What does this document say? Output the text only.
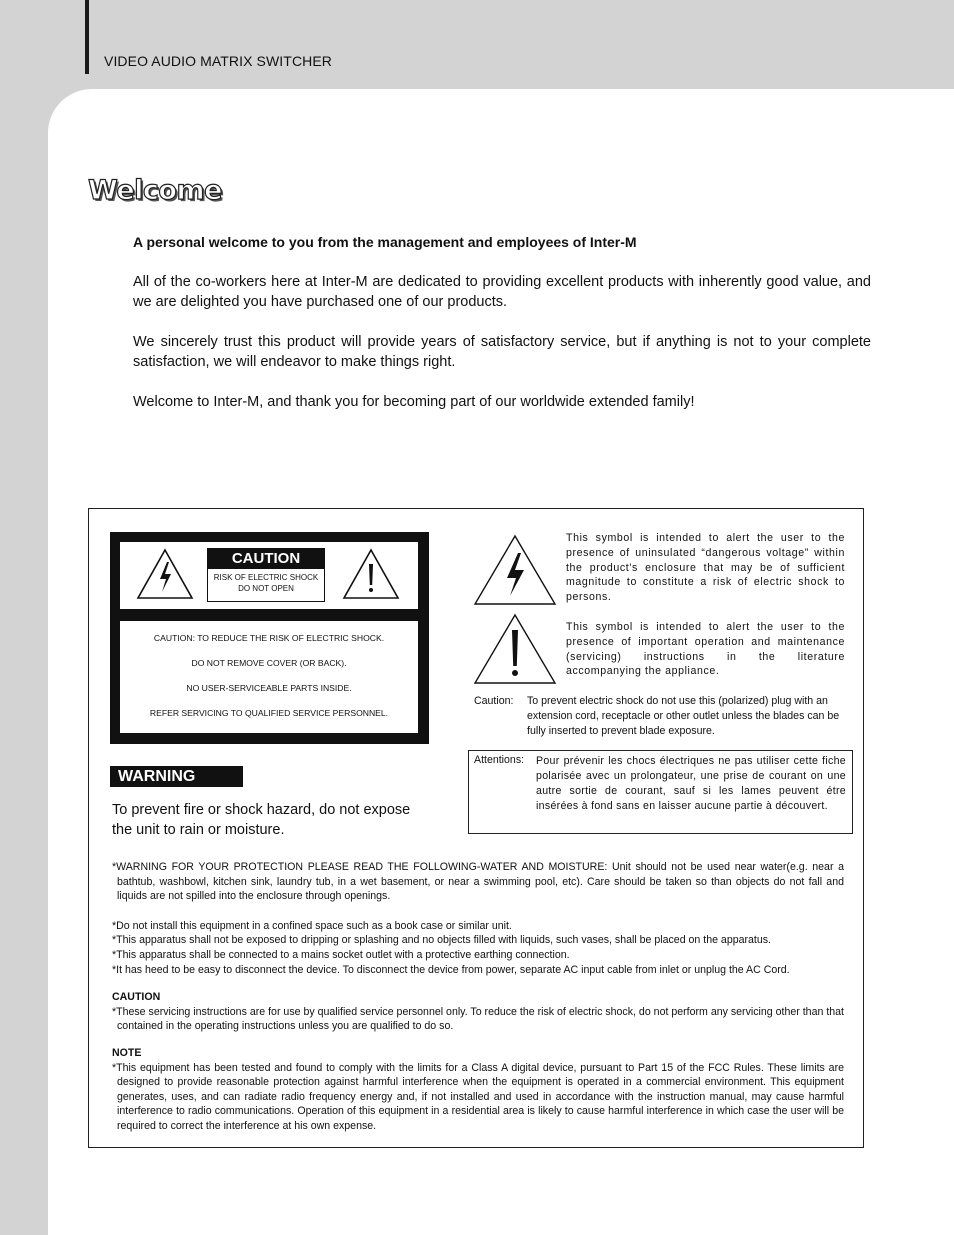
VIDEO AUDIO MATRIX SWITCHER
Welcome

A personal welcome to you from the management and employees of Inter-M

All of the co-workers here at Inter-M are dedicated to providing excellent products with inherently good value, and we are delighted you have purchased one of our products.

We sincerely trust this product will provide years of satisfactory service, but if anything is not to your complete satisfaction, we will endeavor to make things right.

Welcome to Inter-M, and thank you for becoming part of our worldwide extended family!

CAUTION
RISK OF ELECTRIC SHOCK
DO NOT OPEN

CAUTION: TO REDUCE THE RISK OF ELECTRIC SHOCK.

DO NOT REMOVE COVER (OR BACK).

NO USER-SERVICEABLE PARTS INSIDE.

REFER SERVICING TO QUALIFIED SERVICE PERSONNEL.

WARNING
To prevent fire or shock hazard, do not expose the unit to rain or moisture.
This symbol is intended to alert the user to the presence of uninsulated “dangerous voltage” within the product’s enclosure that may be of sufficient magnitude to constitute a risk of electric shock to persons.
This symbol is intended to alert the user to the presence of important operation and maintenance (servicing) instructions in the literature accompanying the appliance.
Caution: To prevent electric shock do not use this (polarized) plug with an extension cord, receptacle or other outlet unless the blades can be fully inserted to prevent blade exposure.
Attentions: Pour prévenir les chocs électriques ne pas utiliser cette fiche polarisée avec un prolongateur, une prise de courant on une autre sortie de courant, sauf si les lames peuvent étre insérées à fond sans en laisser aucune partie à découvert.

*WARNING FOR YOUR PROTECTION PLEASE READ THE FOLLOWING-WATER AND MOISTURE: Unit should not be used near water(e.g. near a bathtub, washbowl, kitchen sink, laundry tub, in a wet basement, or near a swimming pool, etc). Care should be taken so than objects do not fall and liquids are not spilled into the enclosure through openings.

*Do not install this equipment in a confined space such as a book case or similar unit.

*This apparatus shall not be exposed to dripping or splashing and no objects filled with liquids, such vases, shall be placed on the apparatus.

*This apparatus shall be connected to a mains socket outlet with a protective earthing connection.

*It has heed to be easy to disconnect the device. To disconnect the device from power, separate AC input cable from inlet or unplug the AC Cord.

CAUTION

*These servicing instructions are for use by qualified service personnel only. To reduce the risk of electric shock, do not perform any servicing other than that contained in the operating instructions unless you are qualified to do so.

NOTE

*This equipment has been tested and found to comply with the limits for a Class A digital device, pursuant to Part 15 of the FCC Rules. These limits are designed to provide reasonable protection against harmful interference when the equipment is operated in a commercial environment. This equipment generates, uses, and can radiate radio frequency energy and, if not installed and used in accordance with the instruction manual, may cause harmful interference to radio communications. Operation of this equipment in a residential area is likely to cause harmful interference in which case the user will be required to correct the interference at his own expense.
